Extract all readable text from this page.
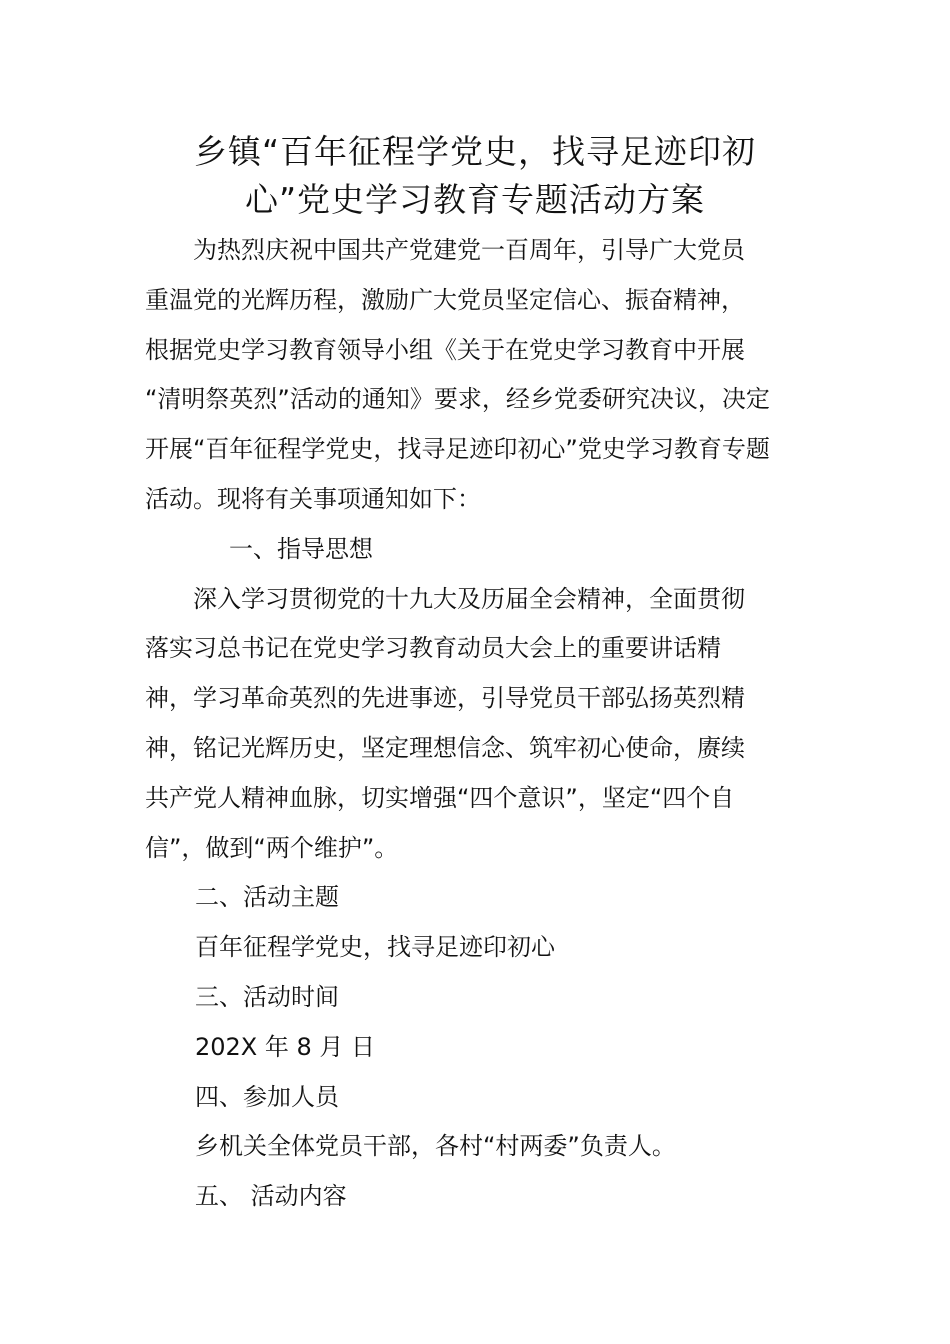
乡镇“百年征程学党史，找寻足迹印初
心”党史学习教育专题活动方案

为热烈庆祝中国共产党建党一百周年，引导广大党员

重温党的光辉历程，激励广大党员坚定信心、振奋精神，

根据党史学习教育领导小组《关于在党史学习教育中开展

“清明祭英烈”活动的通知》要求，经乡党委研究决议，决定

开展“百年征程学党史，找寻足迹印初心”党史学习教育专题

活动。现将有关事项通知如下：

一、指导思想

深入学习贯彻党的十九大及历届全会精神，全面贯彻

落实习总书记在党史学习教育动员大会上的重要讲话精

神，学习革命英烈的先进事迹，引导党员干部弘扬英烈精

神，铭记光辉历史，坚定理想信念、筑牢初心使命，赓续

共产党人精神血脉，切实增强“四个意识”，坚定“四个自

信”，做到“两个维护”。

二、活动主题

百年征程学党史，找寻足迹印初心

三、活动时间

202X 年 8 月 日

四、参加人员

乡机关全体党员干部，各村“村两委”负责人。

五、 活动内容
